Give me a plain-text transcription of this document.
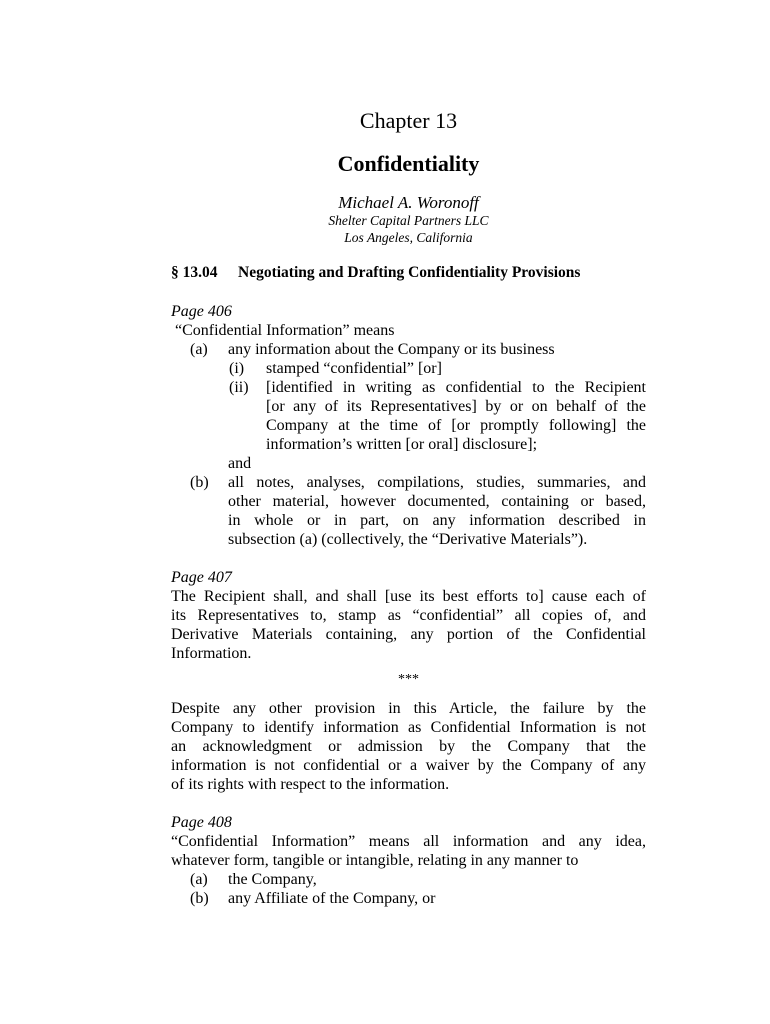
Chapter 13
Confidentiality
Michael A. Woronoff
Shelter Capital Partners LLC
Los Angeles, California
§ 13.04 Negotiating and Drafting Confidentiality Provisions
Page 406
“Confidential Information” means
(a) any information about the Company or its business
(i) stamped “confidential” [or]
(ii) [identified in writing as confidential to the Recipient
[or any of its Representatives] by or on behalf of the
Company at the time of [or promptly following] the
information’s written [or oral] disclosure];
and
(b) all notes, analyses, compilations, studies, summaries, and
other material, however documented, containing or based,
in whole or in part, on any information described in
subsection (a) (collectively, the “Derivative Materials”).
Page 407
The Recipient shall, and shall [use its best efforts to] cause each of
its Representatives to, stamp as “confidential” all copies of, and
Derivative Materials containing, any portion of the Confidential
Information.
***
Despite any other provision in this Article, the failure by the
Company to identify information as Confidential Information is not
an acknowledgment or admission by the Company that the
information is not confidential or a waiver by the Company of any
of its rights with respect to the information.
Page 408
“Confidential Information” means all information and any idea,
whatever form, tangible or intangible, relating in any manner to
(a) the Company,
(b) any Affiliate of the Company, or
